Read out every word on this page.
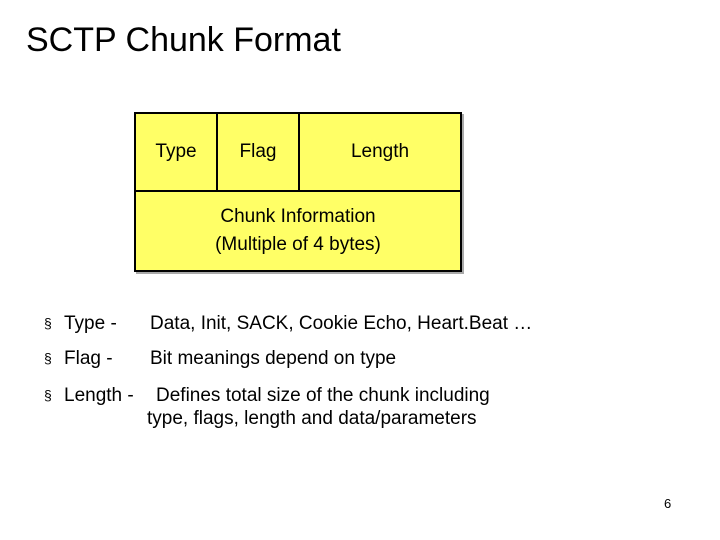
SCTP Chunk Format
Type	Flag	Length
Chunk Information
(Multiple of 4 bytes)
§ Type - Data, Init, SACK, Cookie Echo, Heart.Beat …
§ Flag - Bit meanings depend on type
§ Length - Defines total size of the chunk including
type, flags, length and data/parameters
6
